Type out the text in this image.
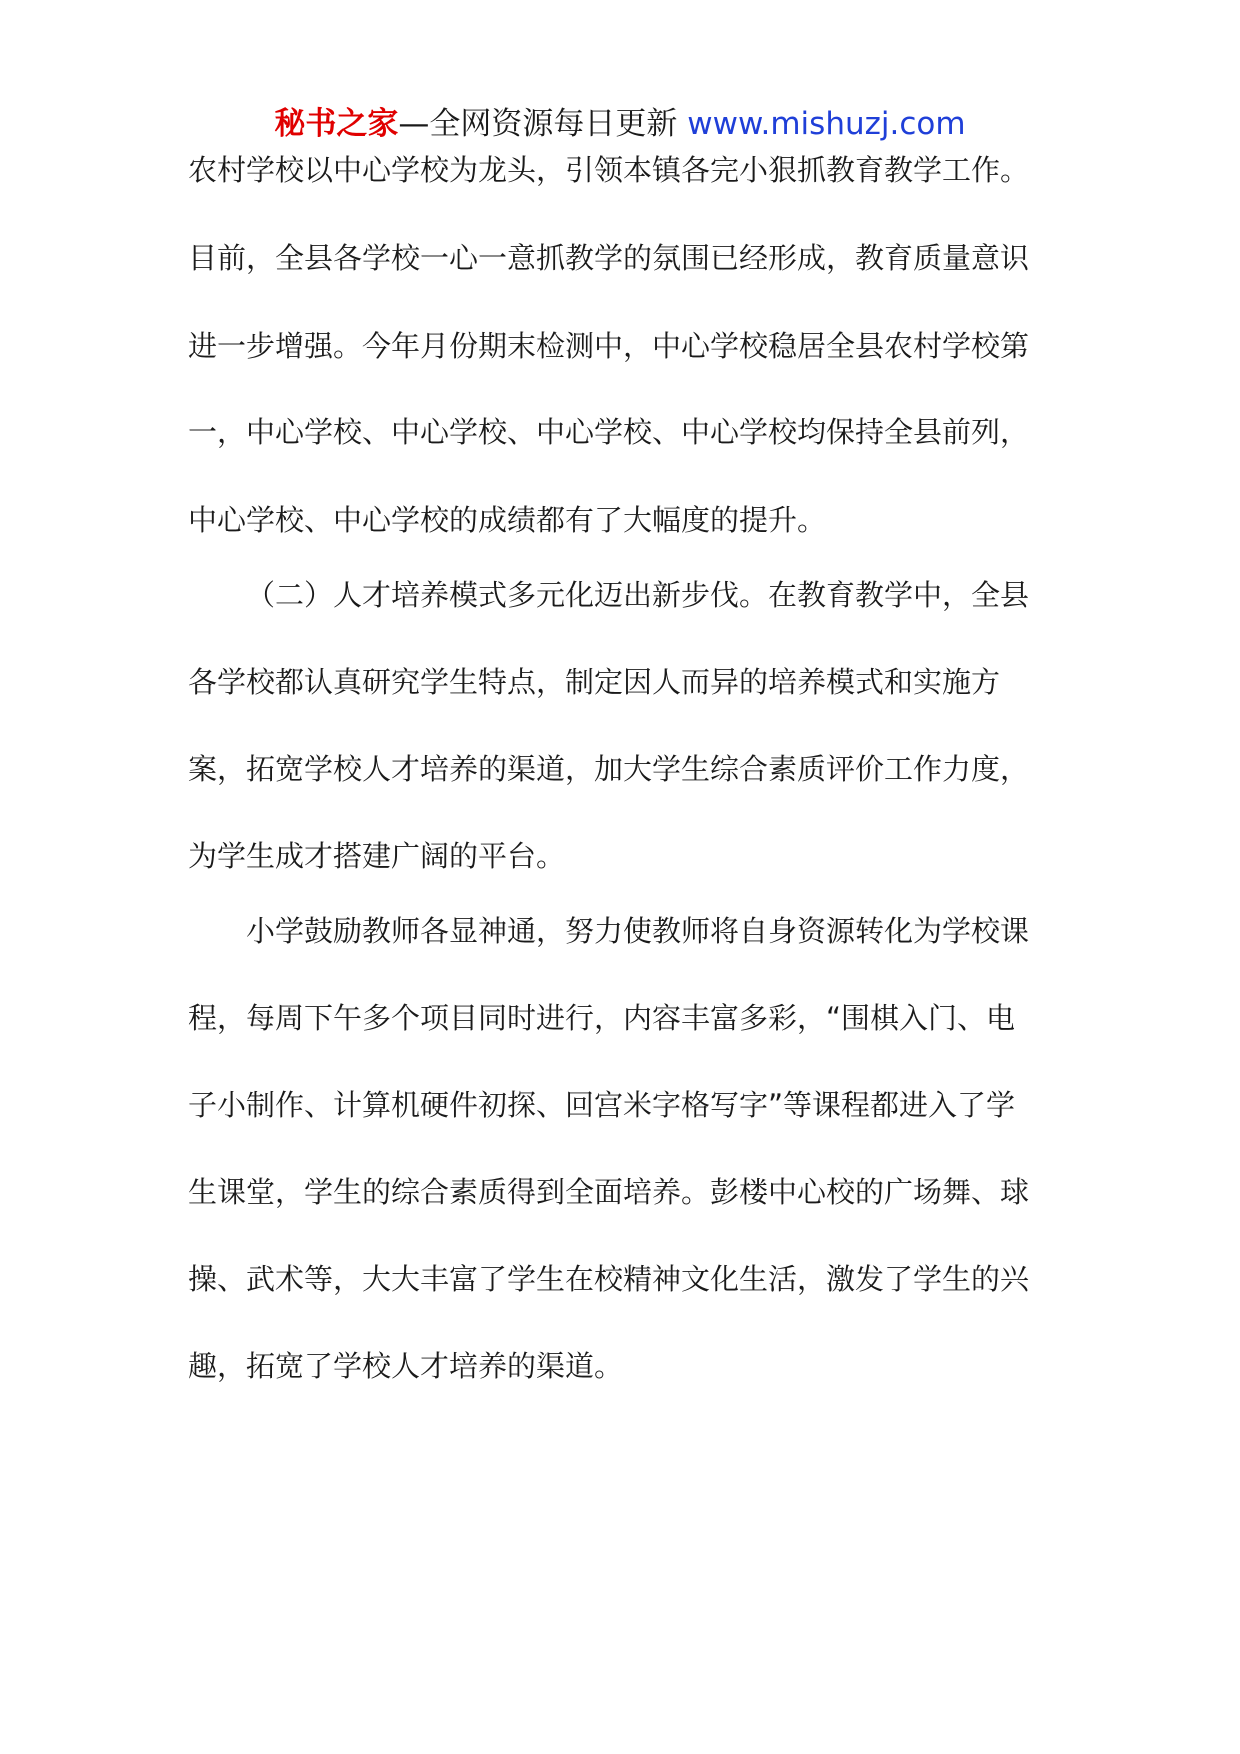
秘书之家—全网资源每日更新 www.mishuzj.com
农村学校以中心学校为龙头，引领本镇各完小狠抓教育教学工作。
目前，全县各学校一心一意抓教学的氛围已经形成，教育质量意识
进一步增强。今年月份期末检测中，中心学校稳居全县农村学校第
一，中心学校、中心学校、中心学校、中心学校均保持全县前列，
中心学校、中心学校的成绩都有了大幅度的提升。
（二）人才培养模式多元化迈出新步伐。在教育教学中，全县
各学校都认真研究学生特点，制定因人而异的培养模式和实施方
案，拓宽学校人才培养的渠道，加大学生综合素质评价工作力度，
为学生成才搭建广阔的平台。
小学鼓励教师各显神通，努力使教师将自身资源转化为学校课
程，每周下午多个项目同时进行，内容丰富多彩，“围棋入门、电
子小制作、计算机硬件初探、回宫米字格写字”等课程都进入了学
生课堂，学生的综合素质得到全面培养。彭楼中心校的广场舞、球
操、武术等，大大丰富了学生在校精神文化生活，激发了学生的兴
趣，拓宽了学校人才培养的渠道。
